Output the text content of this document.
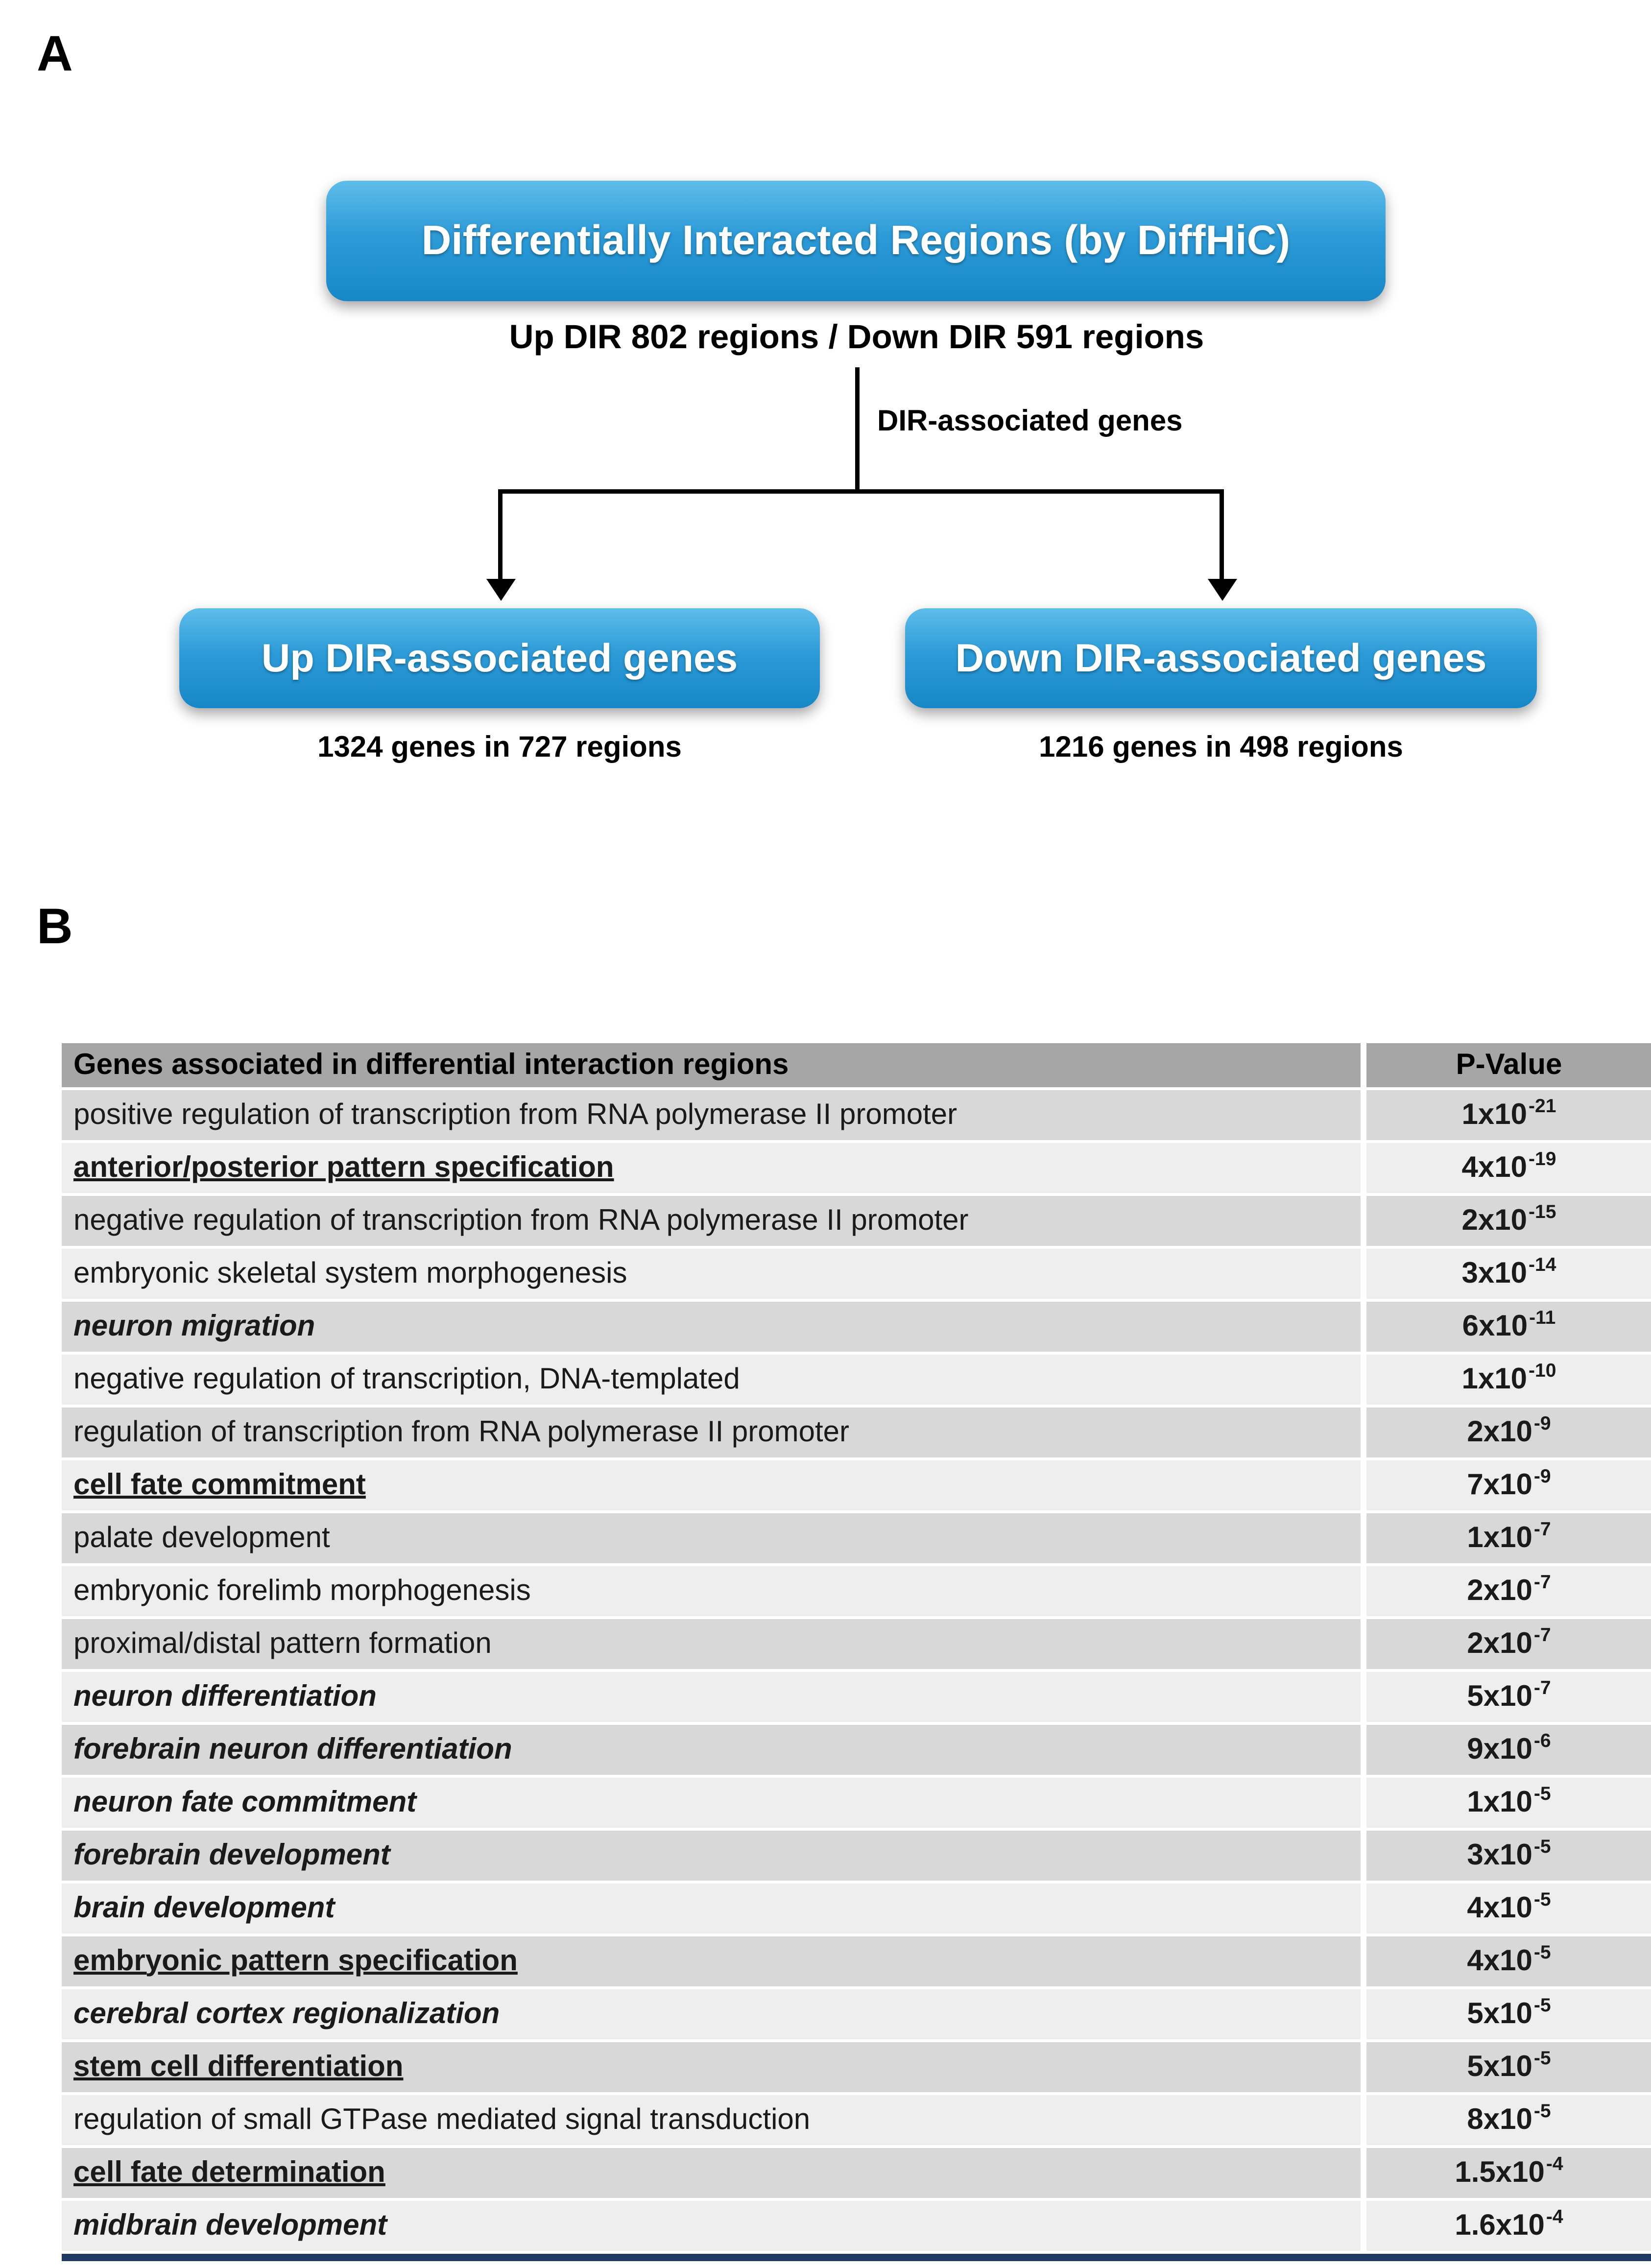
A
Differentially Interacted Regions (by DiffHiC)
Up DIR 802 regions / Down DIR 591 regions
DIR-associated genes
Up DIR-associated genes	Down DIR-associated genes
1324 genes in 727 regions	1216 genes in 498 regions
B
Genes associated in differential interaction regions	P-Value
positive regulation of transcription from RNA polymerase II promoter	$1x10^{-21}$
anterior/posterior pattern specification	$4x10^{-19}$
negative regulation of transcription from RNA polymerase II promoter	$2x10^{-15}$
embryonic skeletal system morphogenesis	$3x10^{-14}$
neuron migration	$6x10^{-11}$
negative regulation of transcription, DNA-templated	$1x10^{-10}$
regulation of transcription from RNA polymerase II promoter	$2x10^{-9}$
cell fate commitment	$7x10^{-9}$
palate development	$1x10^{-7}$
embryonic forelimb morphogenesis	$2x10^{-7}$
proximal/distal pattern formation	$2x10^{-7}$
neuron differentiation	$5x10^{-7}$
forebrain neuron differentiation	$9x10^{-6}$
neuron fate commitment	$1x10^{-5}$
forebrain development	$3x10^{-5}$
brain development	$4x10^{-5}$
embryonic pattern specification	$4x10^{-5}$
cerebral cortex regionalization	$5x10^{-5}$
stem cell differentiation	$5x10^{-5}$
regulation of small GTPase mediated signal transduction	$8x10^{-5}$
cell fate determination	$1.5x10^{-4}$
midbrain development	$1.6x10^{-4}$
